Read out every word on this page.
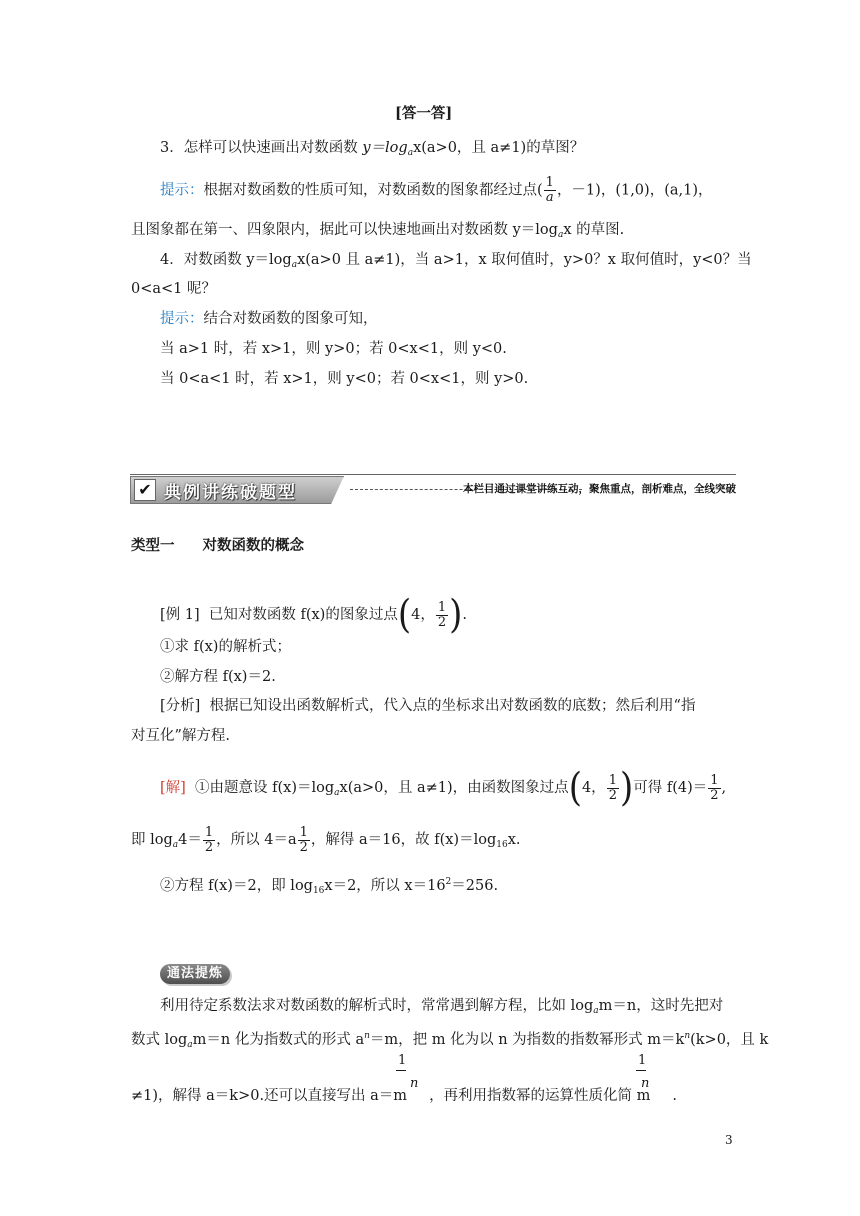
[答一答]
3．怎样可以快速画出对数函数 $y=\log_ax(a>0$，且 a≠1)的草图？
提示：根据对数函数的性质可知，对数函数的图象都经过点( $\frac{1}{a}$ ，－1)，(1,0)，(a,1)，
且图象都在第一、四象限内，据此可以快速地画出对数函数 $y=\log_ax$ 的草图.
4．对数函数 $y=\log_ax(a>0$ 且 a≠1)，当 a>1，x 取何值时，y>0？x 取何值时，y<0？当
0<a<1 呢？
提示：结合对数函数的图象可知，
当 a>1 时，若 x>1，则 y>0；若 0<x<1，则 y<0.
当 0<a<1 时，若 x>1，则 y<0；若 0<x<1，则 y>0.
✔ 典例讲练破题型	本栏目通过课堂讲练互动，聚焦重点，剖析难点，全线突破
类型一 对数函数的概念
[例 1] 已知对数函数 f(x)的图象过点(4， $\frac{1}{2}$ ).
①求 f(x)的解析式；
②解方程 f(x)＝2.
[分析] 根据已知设出函数解析式，代入点的坐标求出对数函数的底数；然后利用“指
对互化”解方程.
[解] ①由题意设 $f(x)=\log_ax(a>0$，且 a≠1)，由函数图象过点(4， $\frac{1}{2}$ )可得 $f(4)= \frac{1}{2}$ ,
即 $\log_a4= \frac{1}{2}$ ，所以 $4=a \frac{1}{2}$ ，解得 a＝16，故 $f(x)=\log_{16}x$.
②方程 f(x)＝2，即 $\log_{16}x=2$，所以 $x=16^2=256$.
通法提炼
利用待定系数法求对数函数的解析式时，常常遇到解方程，比如 $\log_am=n$，这时先把对
数式 $\log_am=n$ 化为指数式的形式 $a^n=m$，把 m 化为以 n 为指数的指数幂形式 $m=k^n(k>0$，且 k
1
n
1
n
≠1)，解得 a＝k>0.还可以直接写出 a＝m ，再利用指数幂的运算性质化简 m .
3
